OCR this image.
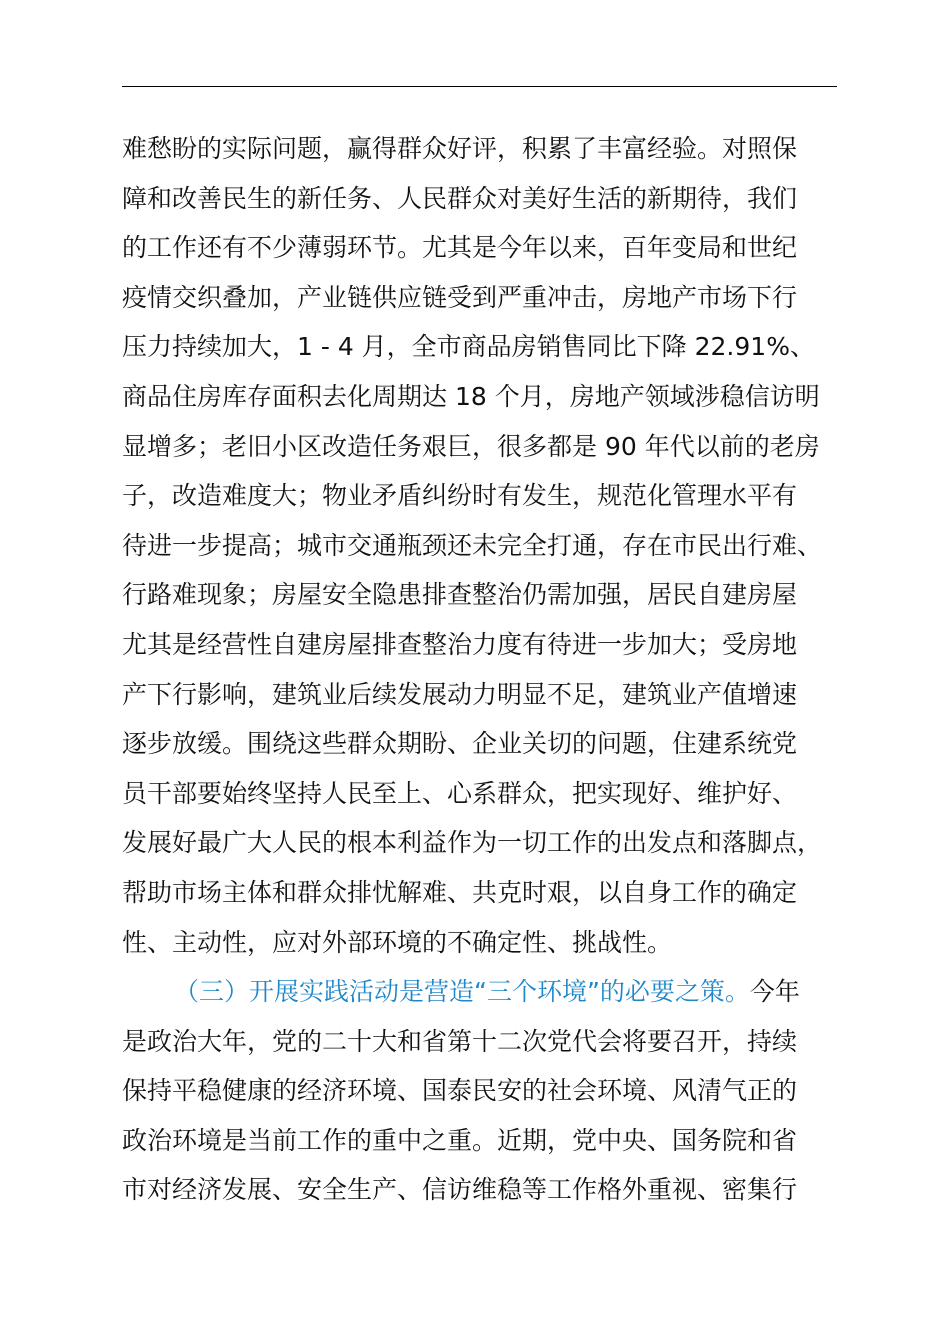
难愁盼的实际问题，赢得群众好评，积累了丰富经验。对照保
障和改善民生的新任务、人民群众对美好生活的新期待，我们
的工作还有不少薄弱环节。尤其是今年以来，百年变局和世纪
疫情交织叠加，产业链供应链受到严重冲击，房地产市场下行
压力持续加大，1 - 4 月，全市商品房销售同比下降 22.91%、
商品住房库存面积去化周期达 18 个月，房地产领域涉稳信访明
显增多；老旧小区改造任务艰巨，很多都是 90 年代以前的老房
子，改造难度大；物业矛盾纠纷时有发生，规范化管理水平有
待进一步提高；城市交通瓶颈还未完全打通，存在市民出行难、
行路难现象；房屋安全隐患排查整治仍需加强，居民自建房屋
尤其是经营性自建房屋排查整治力度有待进一步加大；受房地
产下行影响，建筑业后续发展动力明显不足，建筑业产值增速
逐步放缓。围绕这些群众期盼、企业关切的问题，住建系统党
员干部要始终坚持人民至上、心系群众，把实现好、维护好、
发展好最广大人民的根本利益作为一切工作的出发点和落脚点，
帮助市场主体和群众排忧解难、共克时艰，以自身工作的确定
性、主动性，应对外部环境的不确定性、挑战性。
（三）开展实践活动是营造“三个环境”的必要之策。今年
是政治大年，党的二十大和省第十二次党代会将要召开，持续
保持平稳健康的经济环境、国泰民安的社会环境、风清气正的
政治环境是当前工作的重中之重。近期，党中央、国务院和省
市对经济发展、安全生产、信访维稳等工作格外重视、密集行
